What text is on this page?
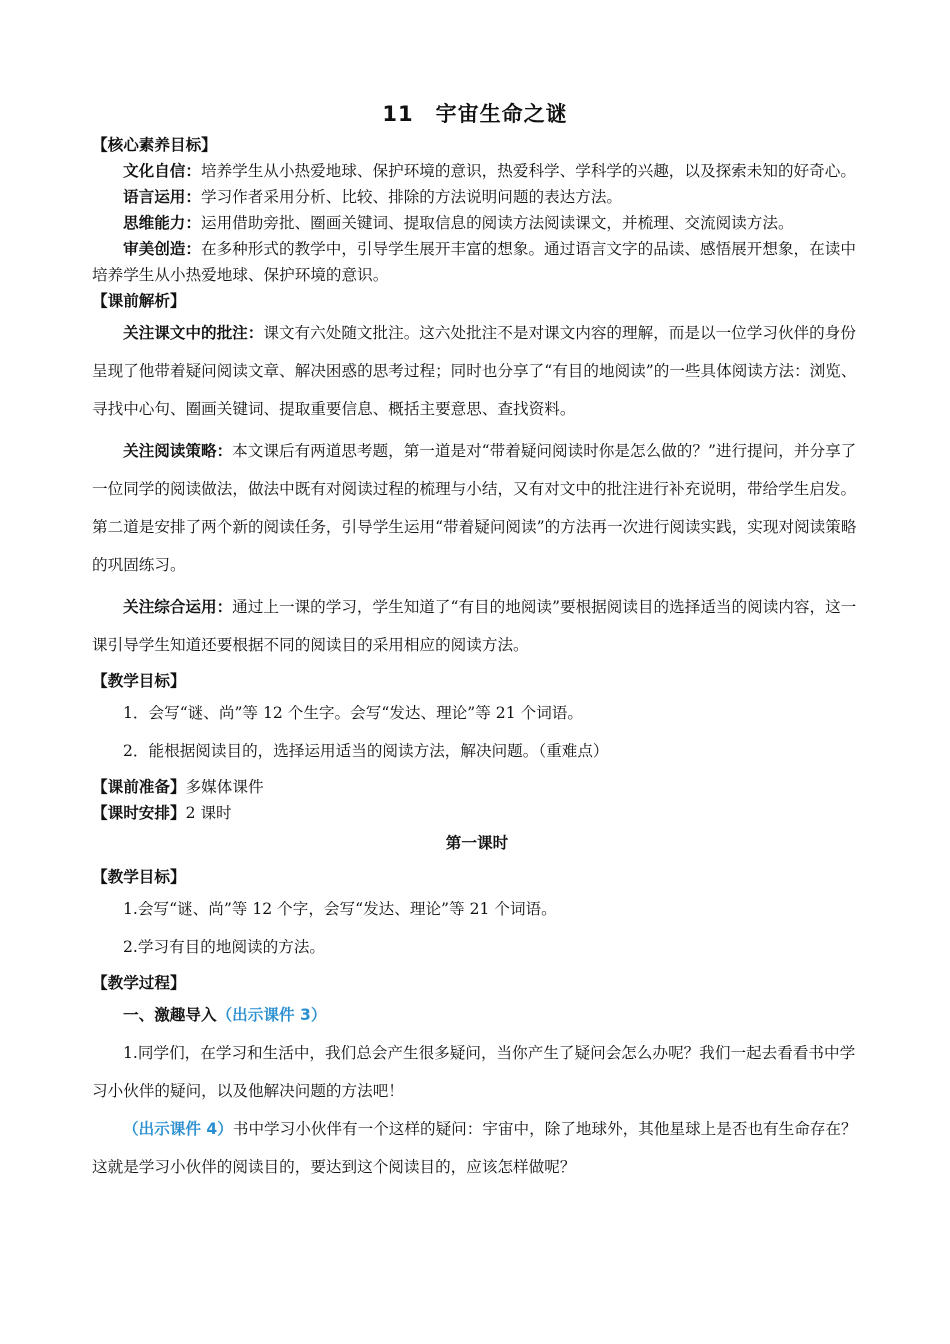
11 宇宙生命之谜

【核心素养目标】

文化自信：培养学生从小热爱地球、保护环境的意识，热爱科学、学科学的兴趣，以及探索未知的好奇心。

语言运用：学习作者采用分析、比较、排除的方法说明问题的表达方法。

思维能力：运用借助旁批、圈画关键词、提取信息的阅读方法阅读课文，并梳理、交流阅读方法。

审美创造：在多种形式的教学中，引导学生展开丰富的想象。通过语言文字的品读、感悟展开想象，在读中培养学生从小热爱地球、保护环境的意识。

【课前解析】

关注课文中的批注：课文有六处随文批注。这六处批注不是对课文内容的理解，而是以一位学习伙伴的身份呈现了他带着疑问阅读文章、解决困惑的思考过程；同时也分享了“有目的地阅读”的一些具体阅读方法：浏览、寻找中心句、圈画关键词、提取重要信息、概括主要意思、查找资料。

关注阅读策略：本文课后有两道思考题，第一道是对“带着疑问阅读时你是怎么做的？”进行提问，并分享了一位同学的阅读做法，做法中既有对阅读过程的梳理与小结，又有对文中的批注进行补充说明，带给学生启发。第二道是安排了两个新的阅读任务，引导学生运用“带着疑问阅读”的方法再一次进行阅读实践，实现对阅读策略的巩固练习。

关注综合运用：通过上一课的学习，学生知道了“有目的地阅读”要根据阅读目的选择适当的阅读内容，这一课引导学生知道还要根据不同的阅读目的采用相应的阅读方法。

【教学目标】

1．会写“谜、尚”等 12 个生字。会写“发达、理论”等 21 个词语。

2．能根据阅读目的，选择运用适当的阅读方法，解决问题。（重难点）

【课前准备】多媒体课件

【课时安排】2 课时

第一课时

【教学目标】

1.会写“谜、尚”等 12 个字，会写“发达、理论”等 21 个词语。

2.学习有目的地阅读的方法。

【教学过程】

一、激趣导入（出示课件 3）

1.同学们，在学习和生活中，我们总会产生很多疑问，当你产生了疑问会怎么办呢？我们一起去看看书中学习小伙伴的疑问，以及他解决问题的方法吧！

（出示课件 4）书中学习小伙伴有一个这样的疑问：宇宙中，除了地球外，其他星球上是否也有生命存在？这就是学习小伙伴的阅读目的，要达到这个阅读目的，应该怎样做呢？
